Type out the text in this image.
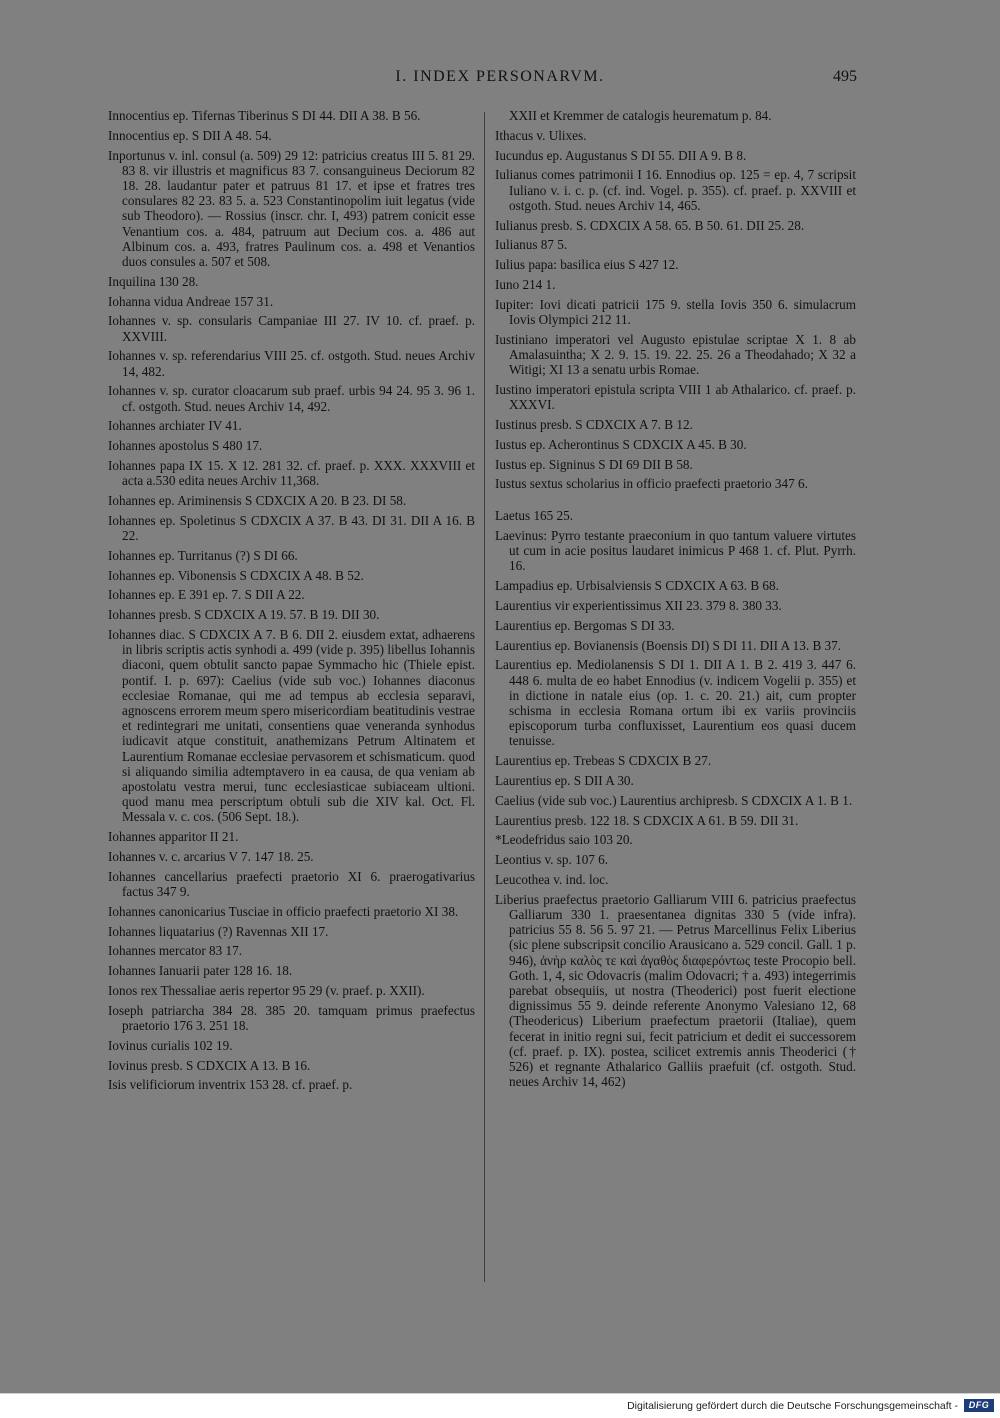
I. INDEX PERSONARVM.	495

Innocentius ep. Tifernas Tiberinus S DI 44. DII A 38. B 56.

Innocentius ep. S DII A 48. 54.

Inportunus v. inl. consul (a. 509) 29 12: patricius creatus III 5. 81 29. 83 8. vir illustris et magnificus 83 7. consanguineus Deciorum 82 18. 28. laudantur pater et patruus 81 17. et ipse et fratres tres consulares 82 23. 83 5. a. 523 Constantinopolim iuit legatus (vide sub Theodoro). — Rossius (inscr. chr. I, 493) patrem conicit esse Venantium cos. a. 484, patruum aut Decium cos. a. 486 aut Albinum cos. a. 493, fratres Paulinum cos. a. 498 et Venantios duos consules a. 507 et 508.

Inquilina 130 28.

Iohanna vidua Andreae 157 31.

Iohannes v. sp. consularis Campaniae III 27. IV 10. cf. praef. p. XXVIII.

Iohannes v. sp. referendarius VIII 25. cf. ostgoth. Stud. neues Archiv 14, 482.

Iohannes v. sp. curator cloacarum sub praef. urbis 94 24. 95 3. 96 1. cf. ostgoth. Stud. neues Archiv 14, 492.

Iohannes archiater IV 41.

Iohannes apostolus S 480 17.

Iohannes papa IX 15. X 12. 281 32. cf. praef. p. XXX. XXXVIII et acta a.530 edita neues Archiv 11,368.

Iohannes ep. Ariminensis S CDXCIX A 20. B 23. DI 58.

Iohannes ep. Spoletinus S CDXCIX A 37. B 43. DI 31. DII A 16. B 22.

Iohannes ep. Turritanus (?) S DI 66.

Iohannes ep. Vibonensis S CDXCIX A 48. B 52.

Iohannes ep. E 391 ep. 7. S DII A 22.

Iohannes presb. S CDXCIX A 19. 57. B 19. DII 30.

Iohannes diac. S CDXCIX A 7. B 6. DII 2. eiusdem extat, adhaerens in libris scriptis actis synhodi a. 499 (vide p. 395) libellus Iohannis diaconi, quem obtulit sancto papae Symmacho hic (Thiele epist. pontif. I. p. 697): Caelius (vide sub voc.) Iohannes diaconus ecclesiae Romanae, qui me ad tempus ab ecclesia separavi, agnoscens errorem meum spero misericordiam beatitudinis vestrae et redintegrari me unitati, consentiens quae veneranda synhodus iudicavit atque constituit, anathemizans Petrum Altinatem et Laurentium Romanae ecclesiae pervasorem et schismaticum. quod si aliquando similia adtemptavero in ea causa, de qua veniam ab apostolatu vestra merui, tunc ecclesiasticae subiaceam ultioni. quod manu mea perscriptum obtuli sub die XIV kal. Oct. Fl. Messala v. c. cos. (506 Sept. 18.).

Iohannes apparitor II 21.

Iohannes v. c. arcarius V 7. 147 18. 25.

Iohannes cancellarius praefecti praetorio XI 6. praerogativarius factus 347 9.

Iohannes canonicarius Tusciae in officio praefecti praetorio XI 38.

Iohannes liquatarius (?) Ravennas XII 17.

Iohannes mercator 83 17.

Iohannes Ianuarii pater 128 16. 18.

Ionos rex Thessaliae aeris repertor 95 29 (v. praef. p. XXII).

Ioseph patriarcha 384 28. 385 20. tamquam primus praefectus praetorio 176 3. 251 18.

Iovinus curialis 102 19.

Iovinus presb. S CDXCIX A 13. B 16.

Isis velificiorum inventrix 153 28. cf. praef. p.

XXII et Kremmer de catalogis heurematum p. 84.

Ithacus v. Ulixes.

Iucundus ep. Augustanus S DI 55. DII A 9. B 8.

Iulianus comes patrimonii I 16. Ennodius op. 125 = ep. 4, 7 scripsit Iuliano v. i. c. p. (cf. ind. Vogel. p. 355). cf. praef. p. XXVIII et ostgoth. Stud. neues Archiv 14, 465.

Iulianus presb. S. CDXCIX A 58. 65. B 50. 61. DII 25. 28.

Iulianus 87 5.

Iulius papa: basilica eius S 427 12.

Iuno 214 1.

Iupiter: Iovi dicati patricii 175 9. stella Iovis 350 6. simulacrum Iovis Olympici 212 11.

Iustiniano imperatori vel Augusto epistulae scriptae X 1. 8 ab Amalasuintha; X 2. 9. 15. 19. 22. 25. 26 a Theodahado; X 32 a Witigi; XI 13 a senatu urbis Romae.

Iustino imperatori epistula scripta VIII 1 ab Athalarico. cf. praef. p. XXXVI.

Iustinus presb. S CDXCIX A 7. B 12.

Iustus ep. Acherontinus S CDXCIX A 45. B 30.

Iustus ep. Signinus S DI 69 DII B 58.

Iustus sextus scholarius in officio praefecti praetorio 347 6.

Laetus 165 25.

Laevinus: Pyrro testante praeconium in quo tantum valuere virtutes ut cum in acie positus laudaret inimicus P 468 1. cf. Plut. Pyrrh. 16.

Lampadius ep. Urbisalviensis S CDXCIX A 63. B 68.

Laurentius vir experientissimus XII 23. 379 8. 380 33.

Laurentius ep. Bergomas S DI 33.

Laurentius ep. Bovianensis (Boensis DI) S DI 11. DII A 13. B 37.

Laurentius ep. Mediolanensis S DI 1. DII A 1. B 2. 419 3. 447 6. 448 6. multa de eo habet Ennodius (v. indicem Vogelii p. 355) et in dictione in natale eius (op. 1. c. 20. 21.) ait, cum propter schisma in ecclesia Romana ortum ibi ex variis provinciis episcoporum turba confluxisset, Laurentium eos quasi ducem tenuisse.

Laurentius ep. Trebeas S CDXCIX B 27.

Laurentius ep. S DII A 30.

Caelius (vide sub voc.) Laurentius archipresb. S CDXCIX A 1. B 1.

Laurentius presb. 122 18. S CDXCIX A 61. B 59. DII 31.

*Leodefridus saio 103 20.

Leontius v. sp. 107 6.

Leucothea v. ind. loc.

Liberius praefectus praetorio Galliarum VIII 6. patricius praefectus Galliarum 330 1. praesentanea dignitas 330 5 (vide infra). patricius 55 8. 56 5. 97 21. — Petrus Marcellinus Felix Liberius (sic plene subscripsit concilio Arausicano a. 529 concil. Gall. 1 p. 946), ἀνὴρ καλὸς τε καὶ ἀγαθὸς διαφερόντως teste Procopio bell. Goth. 1, 4, sic Odovacris (malim Odovacri; † a. 493) integerrimis parebat obsequiis, ut nostra (Theoderici) post fuerit electione dignissimus 55 9. deinde referente Anonymo Valesiano 12, 68 (Theodericus) Liberium praefectum praetorii (Italiae), quem fecerat in initio regni sui, fecit patricium et dedit ei successorem (cf. praef. p. IX). postea, scilicet extremis annis Theoderici († 526) et regnante Athalarico Galliis praefuit (cf. ostgoth. Stud. neues Archiv 14, 462)

Digitalisierung gefördert durch die Deutsche Forschungsgemeinschaft -	DFG
